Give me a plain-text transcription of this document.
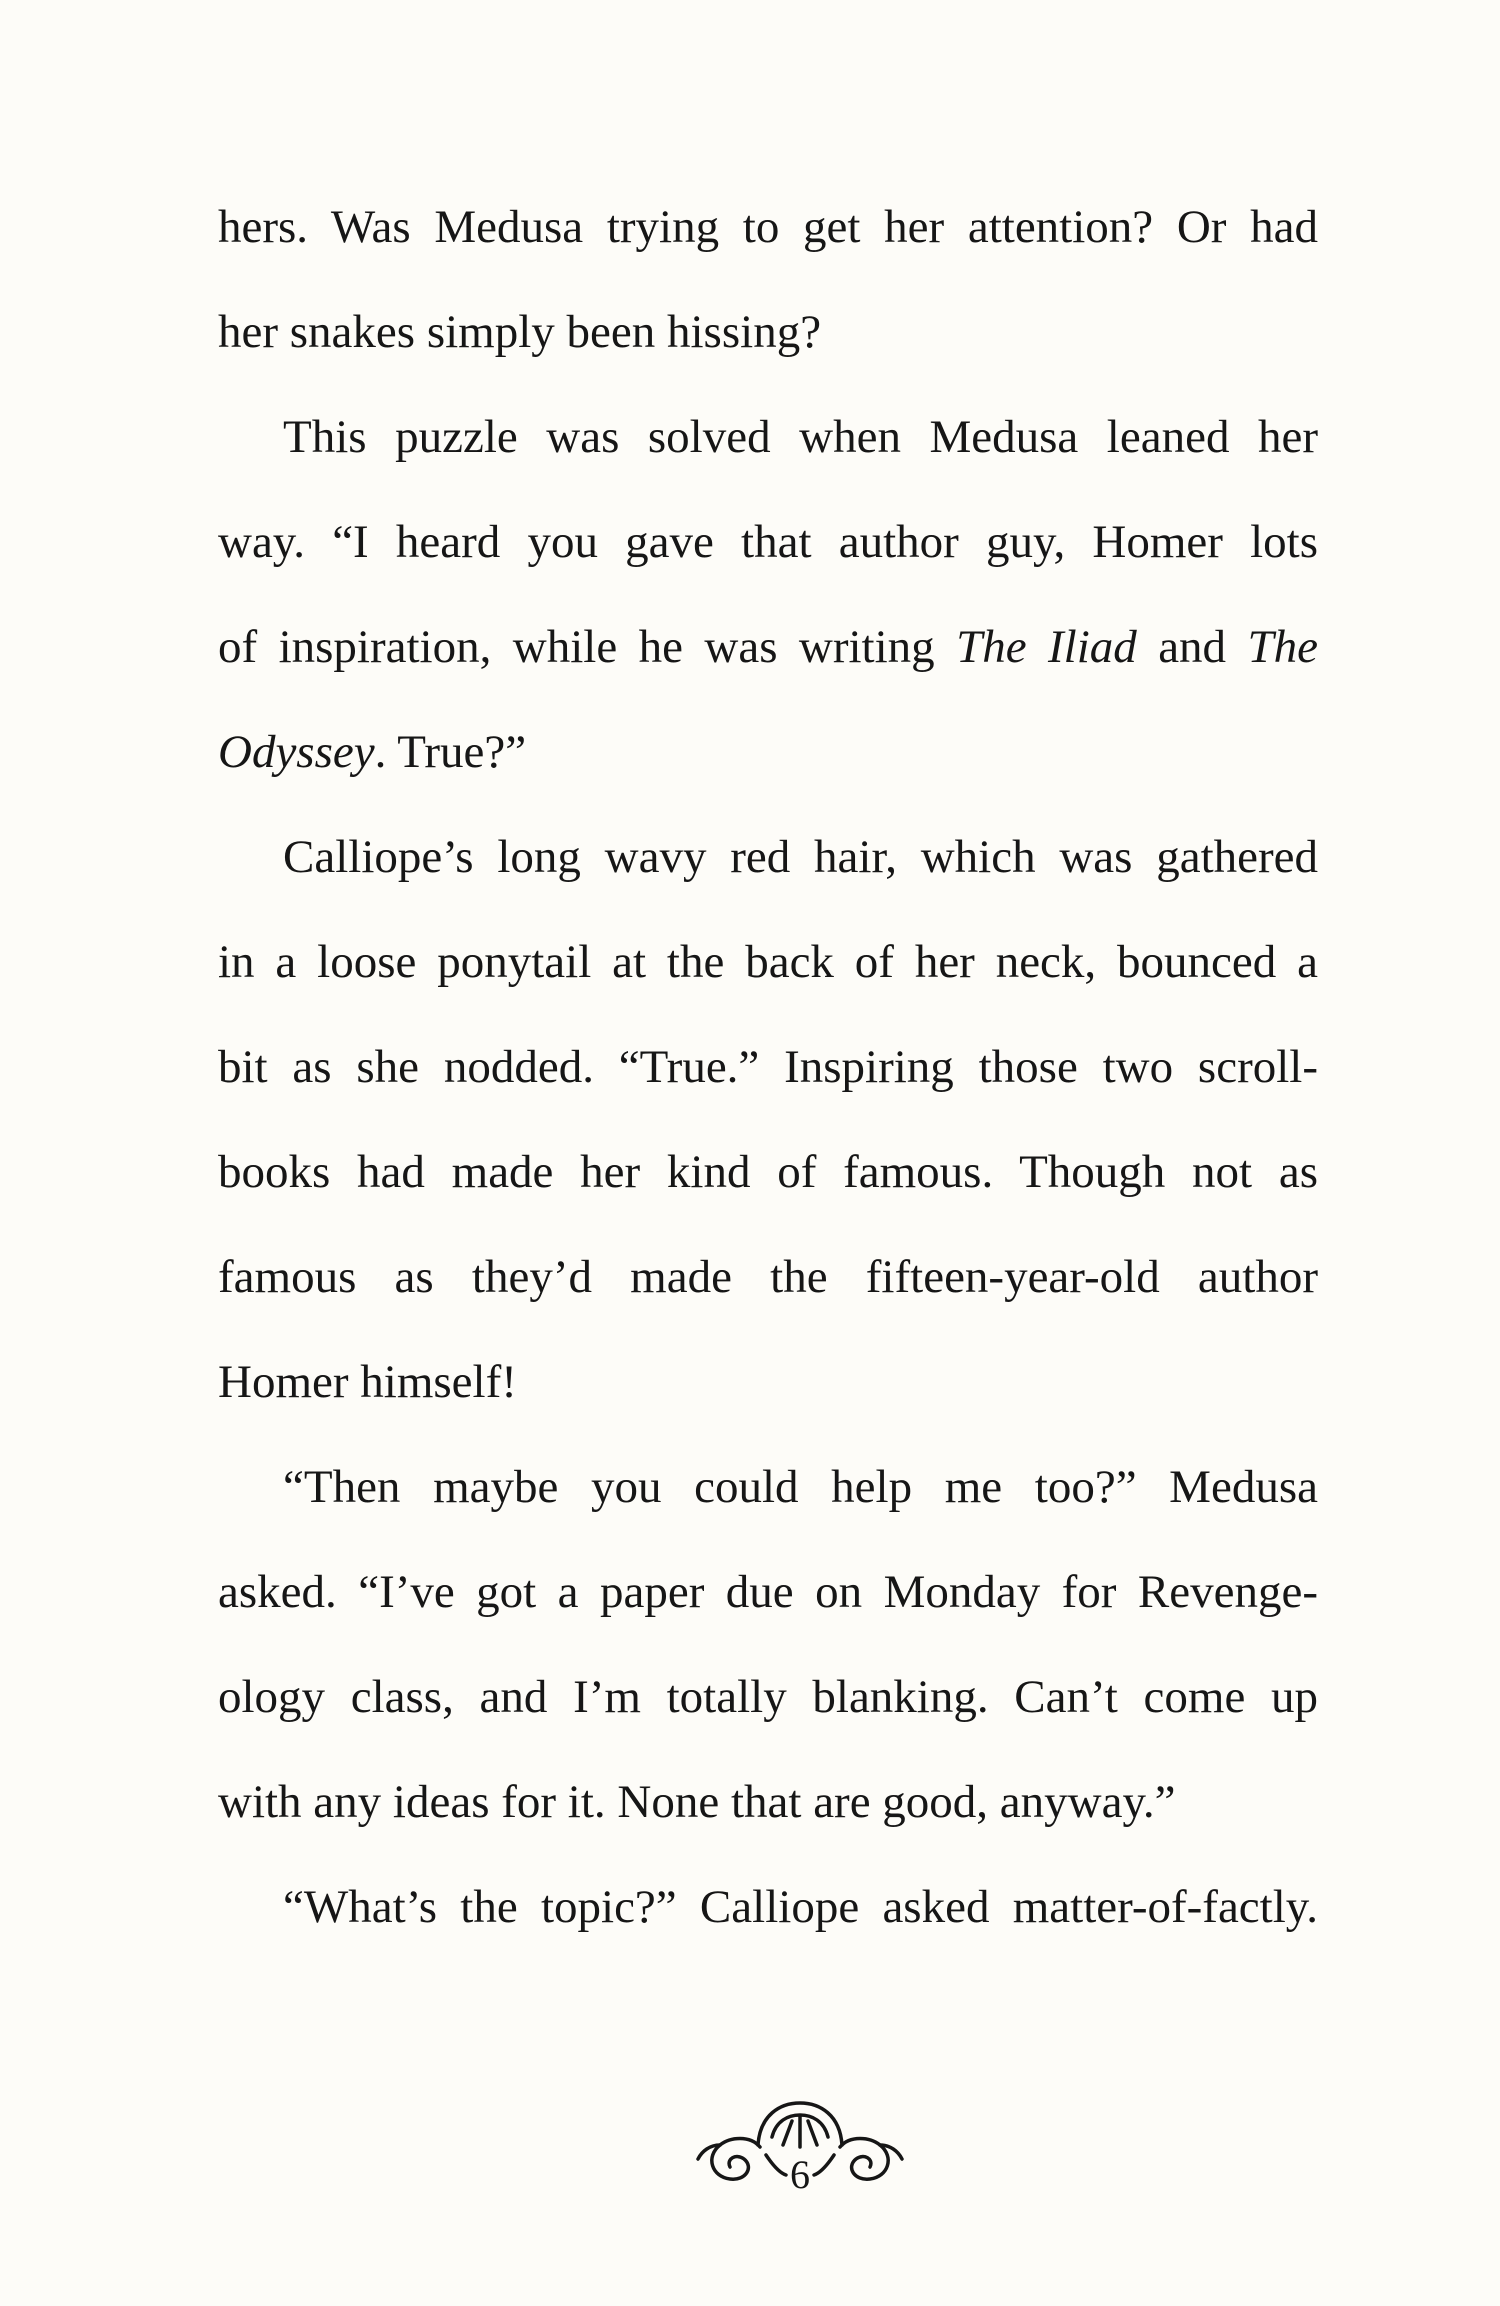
hers. Was Medusa trying to get her attention? Or had
her snakes simply been hissing?
This puzzle was solved when Medusa leaned her
way. “I heard you gave that author guy, Homer lots
of inspiration, while he was writing The Iliad and The
Odyssey. True?”
Calliope’s long wavy red hair, which was gathered
in a loose ponytail at the back of her neck, bounced a
bit as she nodded. “True.” Inspiring those two scroll-
books had made her kind of famous. Though not as
famous as they’d made the fifteen-year-old author
Homer himself!
“Then maybe you could help me too?” Medusa
asked. “I’ve got a paper due on Monday for Revenge-
ology class, and I’m totally blanking. Can’t come up
with any ideas for it. None that are good, anyway.”
“What’s the topic?” Calliope asked matter-of-factly.
6
